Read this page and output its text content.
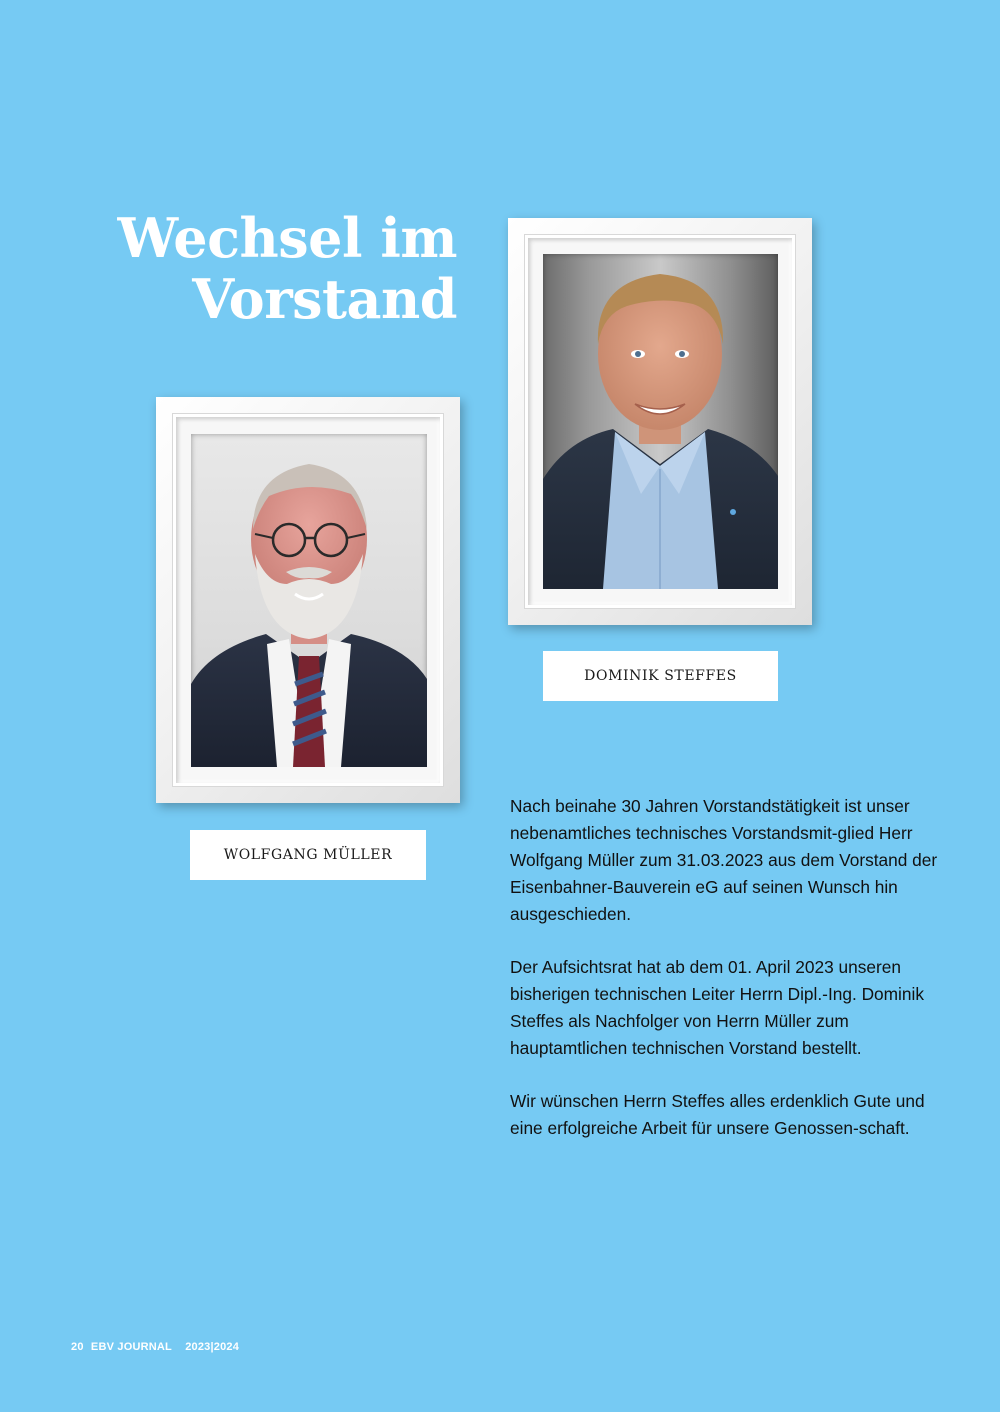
Wechsel im
Vorstand
WOLFGANG MÜLLER
DOMINIK STEFFES

Nach beinahe 30 Jahren Vorstandstätigkeit ist unser nebenamtliches technisches Vorstandsmit-glied Herr Wolfgang Müller zum 31.03.2023 aus dem Vorstand der Eisenbahner-Bauverein eG auf seinen Wunsch hin ausgeschieden.

Der Aufsichtsrat hat ab dem 01. April 2023 unseren bisherigen technischen Leiter Herrn Dipl.-Ing. Dominik Steffes als Nachfolger von Herrn Müller zum hauptamtlichen technischen Vorstand bestellt.

Wir wünschen Herrn Steffes alles erdenklich Gute und eine erfolgreiche Arbeit für unsere Genossen-schaft.

20 EBV JOURNAL 2023|2024
